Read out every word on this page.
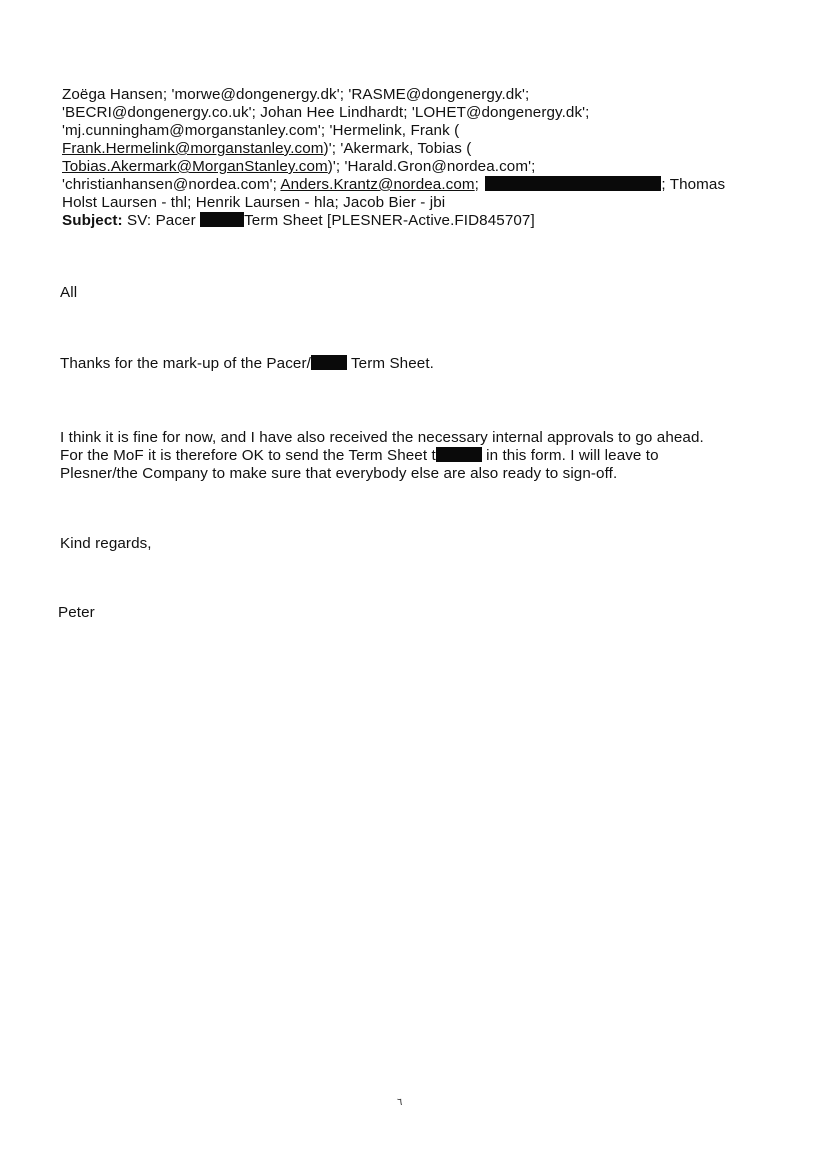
Zoëga Hansen; 'morwe@dongenergy.dk'; 'RASME@dongenergy.dk';
'BECRI@dongenergy.co.uk'; Johan Hee Lindhardt; 'LOHET@dongenergy.dk';
'mj.cunningham@morganstanley.com'; 'Hermelink, Frank (
Frank.Hermelink@morganstanley.com)'; 'Akermark, Tobias (
Tobias.Akermark@MorganStanley.com)'; 'Harald.Gron@nordea.com';
'christianhansen@nordea.com'; Anders.Krantz@nordea.com;	; Thomas
Holst Laursen - thl; Henrik Laursen - hla; Jacob Bier - jbi
Subject: SV: Pacer	Term Sheet [PLESNER-Active.FID845707]
All
Thanks for the mark-up of the Pacer/ Term Sheet.
I think it is fine for now, and I have also received the necessary internal approvals to go ahead.
For the MoF it is therefore OK to send the Term Sheet t	in this form. I will leave to
Plesner/the Company to make sure that everybody else are also ready to sign-off.
Kind regards,
Peter
٦
